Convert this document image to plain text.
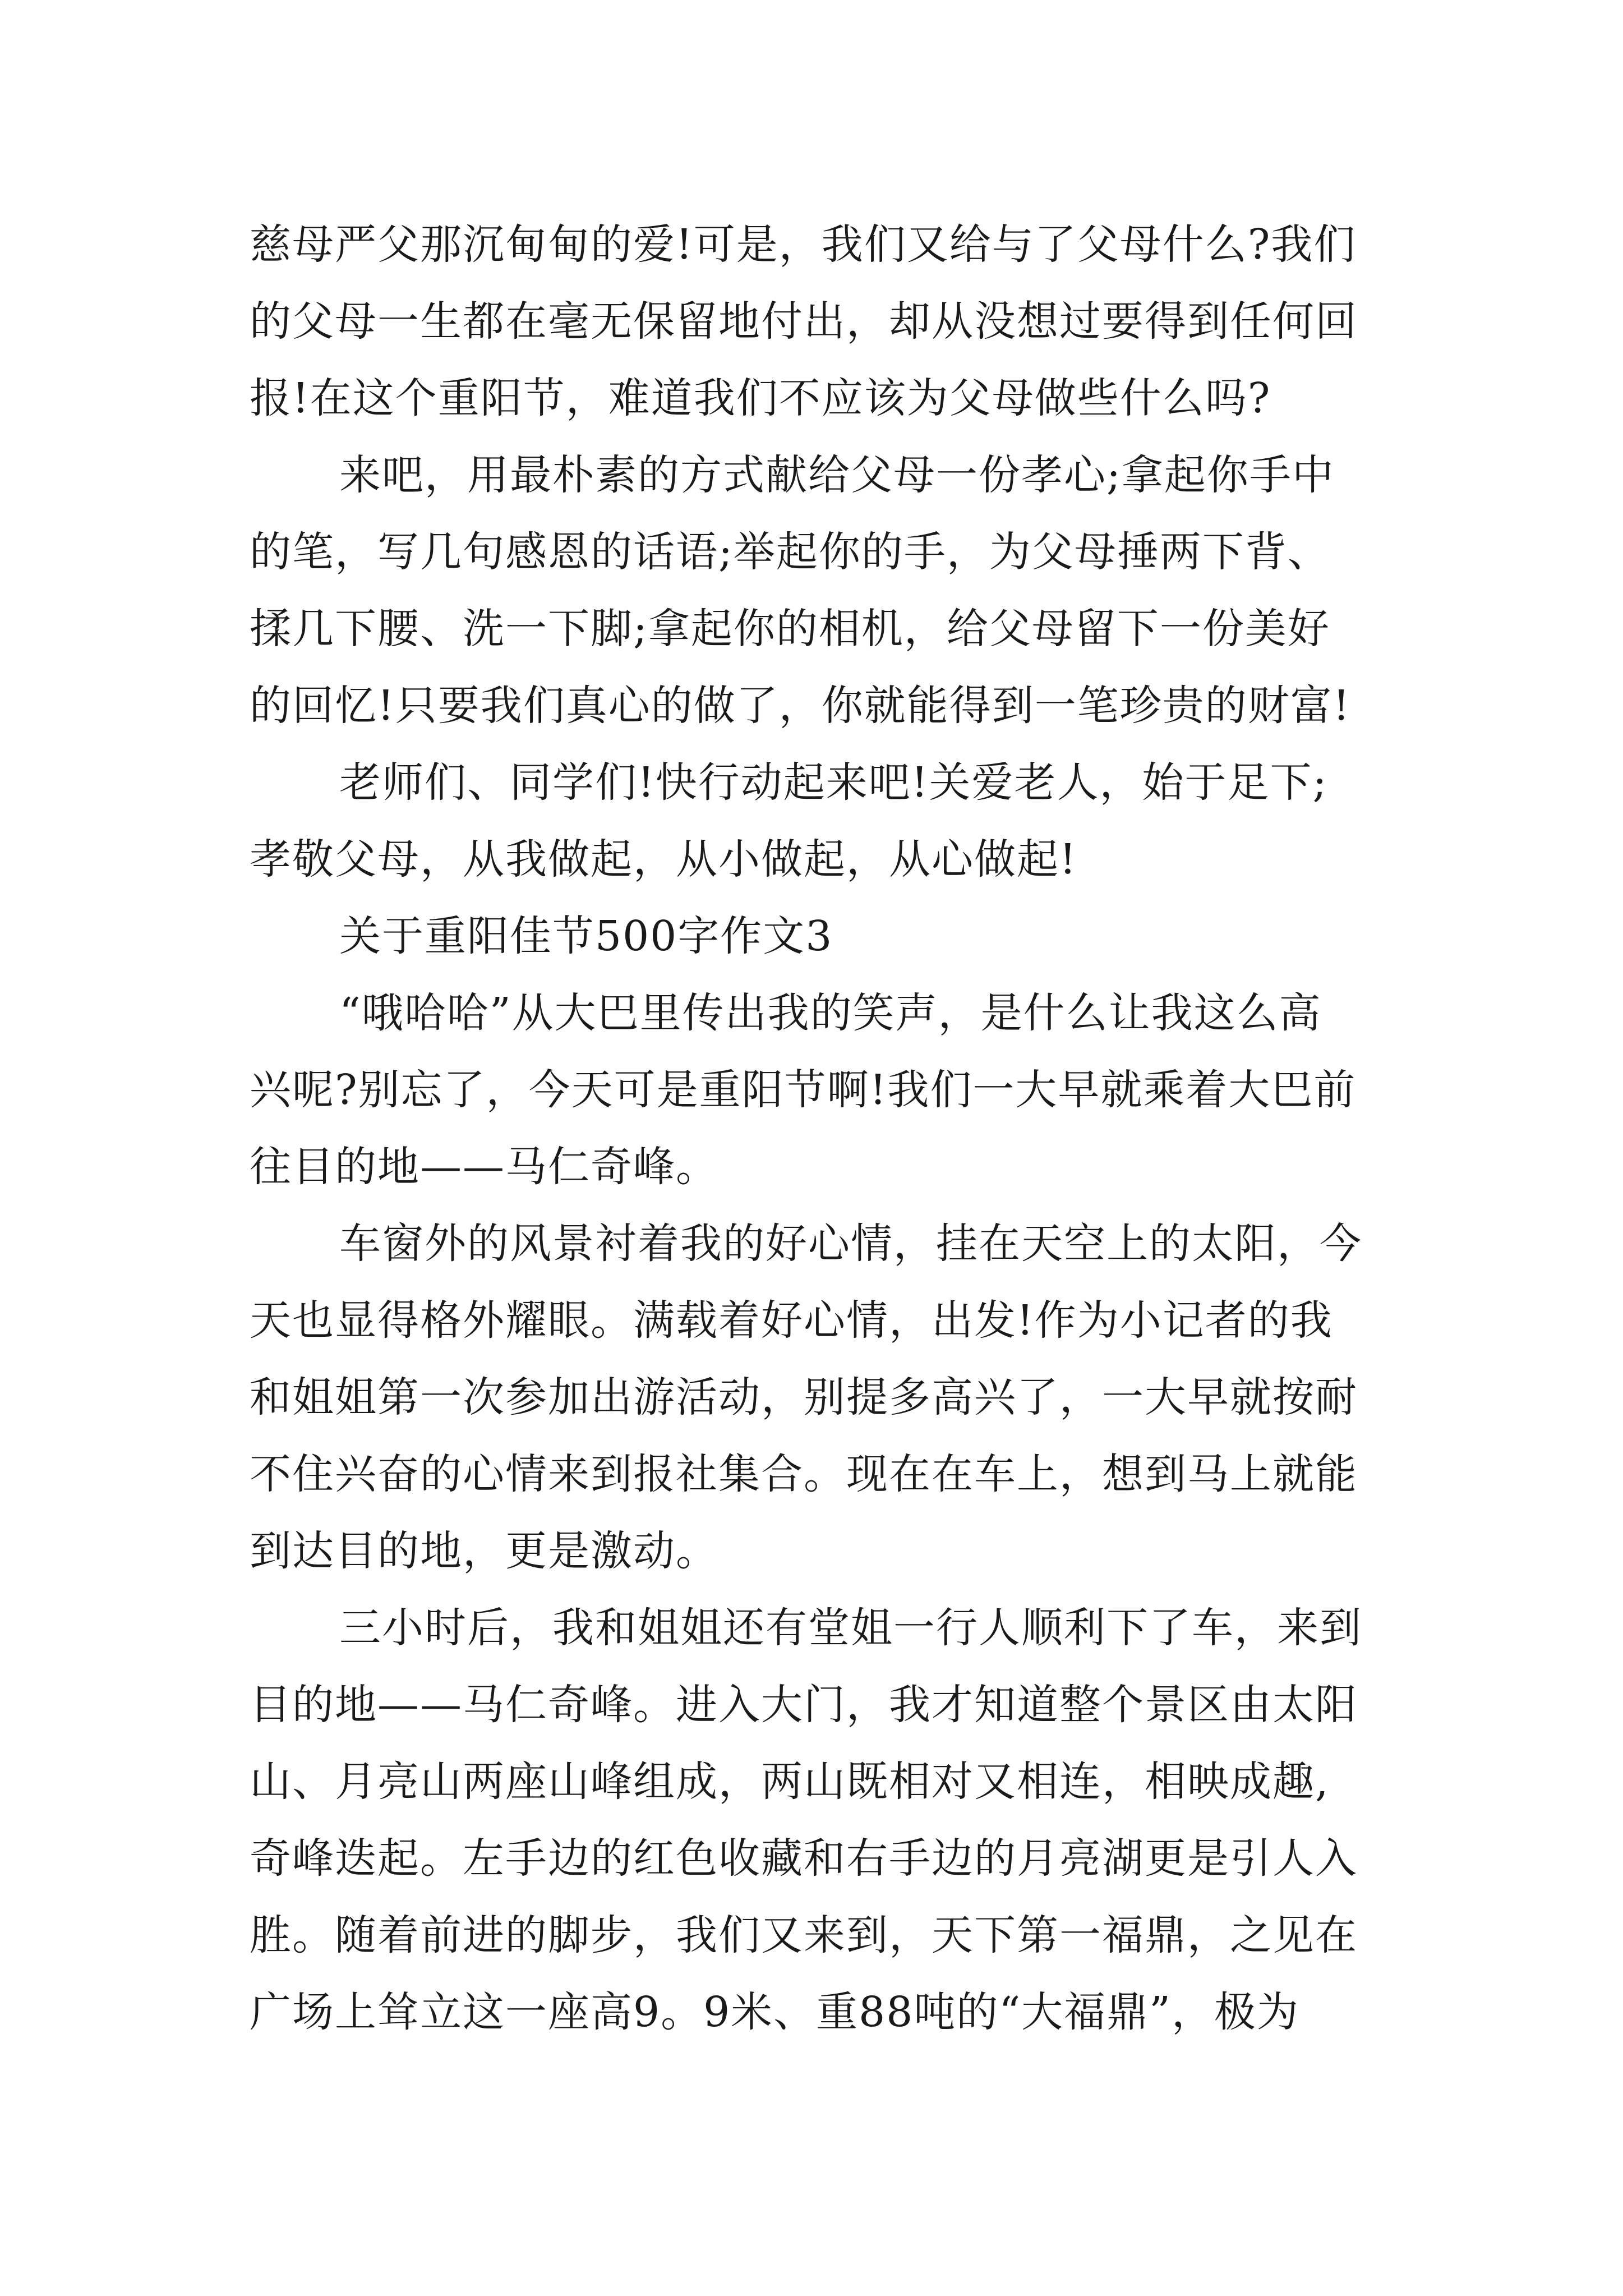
慈母严父那沉甸甸的爱!可是，我们又给与了父母什么?我们
的父母一生都在毫无保留地付出，却从没想过要得到任何回
报!在这个重阳节，难道我们不应该为父母做些什么吗?
来吧，用最朴素的方式献给父母一份孝心;拿起你手中
的笔，写几句感恩的话语;举起你的手，为父母捶两下背、
揉几下腰、洗一下脚;拿起你的相机，给父母留下一份美好
的回忆!只要我们真心的做了，你就能得到一笔珍贵的财富!
老师们、同学们!快行动起来吧!关爱老人，始于足下;
孝敬父母，从我做起，从小做起，从心做起!
关于重阳佳节500字作文3
“哦哈哈”从大巴里传出我的笑声，是什么让我这么高
兴呢?别忘了，今天可是重阳节啊!我们一大早就乘着大巴前
往目的地——马仁奇峰。
车窗外的风景衬着我的好心情，挂在天空上的太阳，今
天也显得格外耀眼。满载着好心情，出发!作为小记者的我
和姐姐第一次参加出游活动，别提多高兴了，一大早就按耐
不住兴奋的心情来到报社集合。现在在车上，想到马上就能
到达目的地，更是激动。
三小时后，我和姐姐还有堂姐一行人顺利下了车，来到
目的地——马仁奇峰。进入大门，我才知道整个景区由太阳
山、月亮山两座山峰组成，两山既相对又相连，相映成趣,
奇峰迭起。左手边的红色收藏和右手边的月亮湖更是引人入
胜。随着前进的脚步，我们又来到，天下第一福鼎，之见在
广场上耸立这一座高9。9米、重88吨的“大福鼎”，极为
